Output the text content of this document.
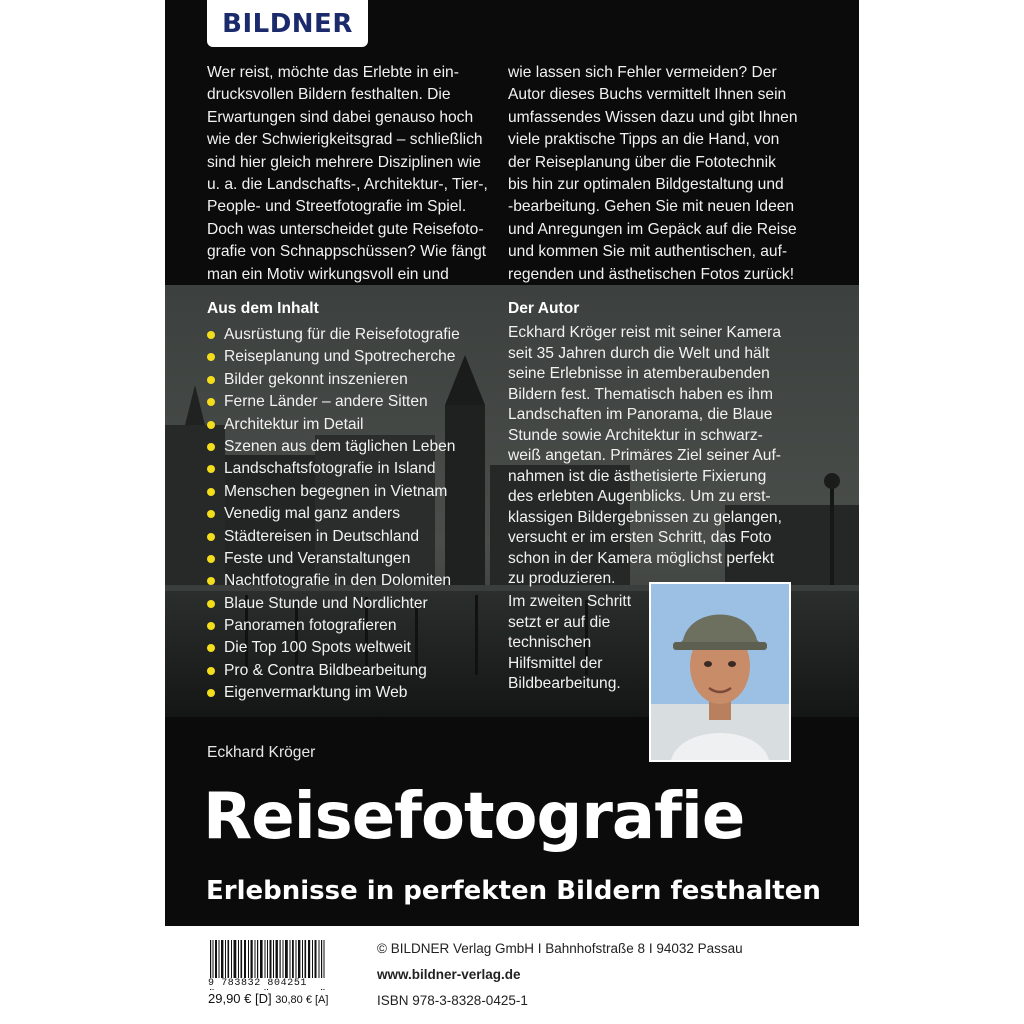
BILDNER

Wer reist, möchte das Erlebte in ein-

drucksvollen Bildern festhalten. Die

Erwartungen sind dabei genauso hoch

wie der Schwierigkeitsgrad – schließlich

sind hier gleich mehrere Disziplinen wie

u. a. die Landschafts-, Architektur-, Tier-,

People- und Streetfotografie im Spiel.

Doch was unterscheidet gute Reisefoto-

grafie von Schnappschüssen? Wie fängt

man ein Motiv wirkungsvoll ein und

wie lassen sich Fehler vermeiden? Der

Autor dieses Buchs vermittelt Ihnen sein

umfassendes Wissen dazu und gibt Ihnen

viele praktische Tipps an die Hand, von

der Reiseplanung über die Fototechnik

bis hin zur optimalen Bildgestaltung und

-bearbeitung. Gehen Sie mit neuen Ideen

und Anregungen im Gepäck auf die Reise

und kommen Sie mit authentischen, auf-

regenden und ästhetischen Fotos zurück!

Aus dem Inhalt
Ausrüstung für die Reisefotografie
Reiseplanung und Spotrecherche
Bilder gekonnt inszenieren
Ferne Länder – andere Sitten
Architektur im Detail
Szenen aus dem täglichen Leben
Landschaftsfotografie in Island
Menschen begegnen in Vietnam
Venedig mal ganz anders
Städtereisen in Deutschland
Feste und Veranstaltungen
Nachtfotografie in den Dolomiten
Blaue Stunde und Nordlichter
Panoramen fotografieren
Die Top 100 Spots weltweit
Pro & Contra Bildbearbeitung
Eigenvermarktung im Web
Der Autor
Eckhard Kröger reist mit seiner Kamera
seit 35 Jahren durch die Welt und hält
seine Erlebnisse in atemberaubenden
Bildern fest. Thematisch haben es ihm
Landschaften im Panorama, die Blaue
Stunde sowie Architektur in schwarz-
weiß angetan. Primäres Ziel seiner Auf-
nahmen ist die ästhetisierte Fixierung
des erlebten Augenblicks. Um zu erst-
klassigen Bildergebnissen zu gelangen,
versucht er im ersten Schritt, das Foto
schon in der Kamera möglichst perfekt
zu produzieren.
Im zweiten Schritt
setzt er auf die
technischen
Hilfsmittel der
Bildbearbeitung.
Eckhard Kröger
Reisefotografie
Erlebnisse in perfekten Bildern festhalten
9 783832 804251
29,90 € [D] 30,80 € [A]
© BILDNER Verlag GmbH I Bahnhofstraße 8 I 94032 Passau
www.bildner-verlag.de
ISBN 978-3-8328-0425-1
